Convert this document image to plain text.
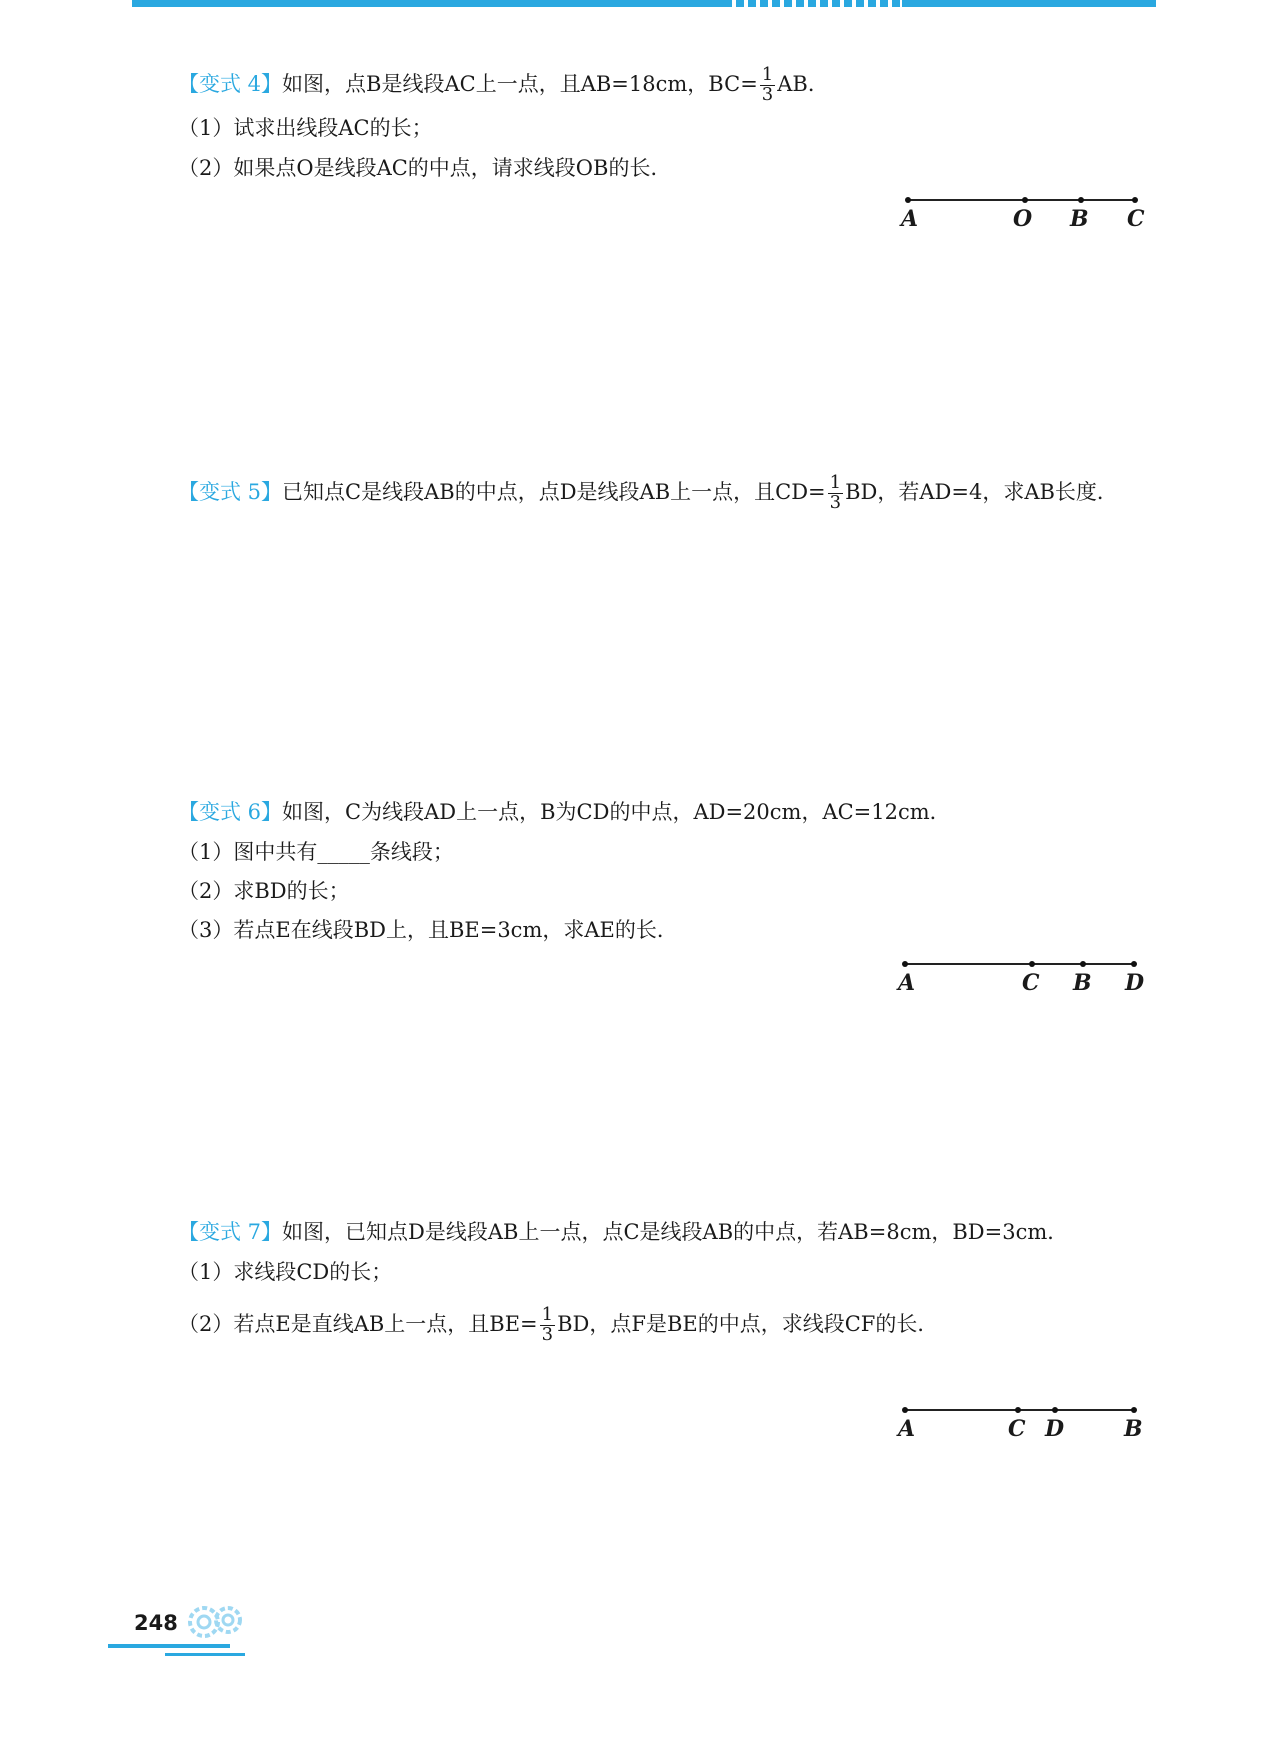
【变式 4】如图，点B是线段AC上一点，且AB=18cm，$BC= \frac{1}{3}$ AB．
（1）试求出线段AC的长；
（2）如果点O是线段AC的中点，请求线段OB的长．
A	O B C
【变式 5】已知点C是线段AB的中点，点D是线段AB上一点，且$CD= \frac{1}{3}$ BD，若AD=4，求AB长度．
【变式 6】如图，C为线段AD上一点，B为CD的中点，AD=20cm，AC=12cm．
（1）图中共有_____条线段；
（2）求BD的长；
（3）若点E在线段BD上，且BE=3cm，求AE的长．
A	C B D
【变式 7】如图，已知点D是线段AB上一点，点C是线段AB的中点，若AB=8cm，BD=3cm．
（1）求线段CD的长；
（2）若点E是直线AB上一点，且$BE= \frac{1}{3}$ BD，点F是BE的中点，求线段CF的长．
A	C D	B
248
